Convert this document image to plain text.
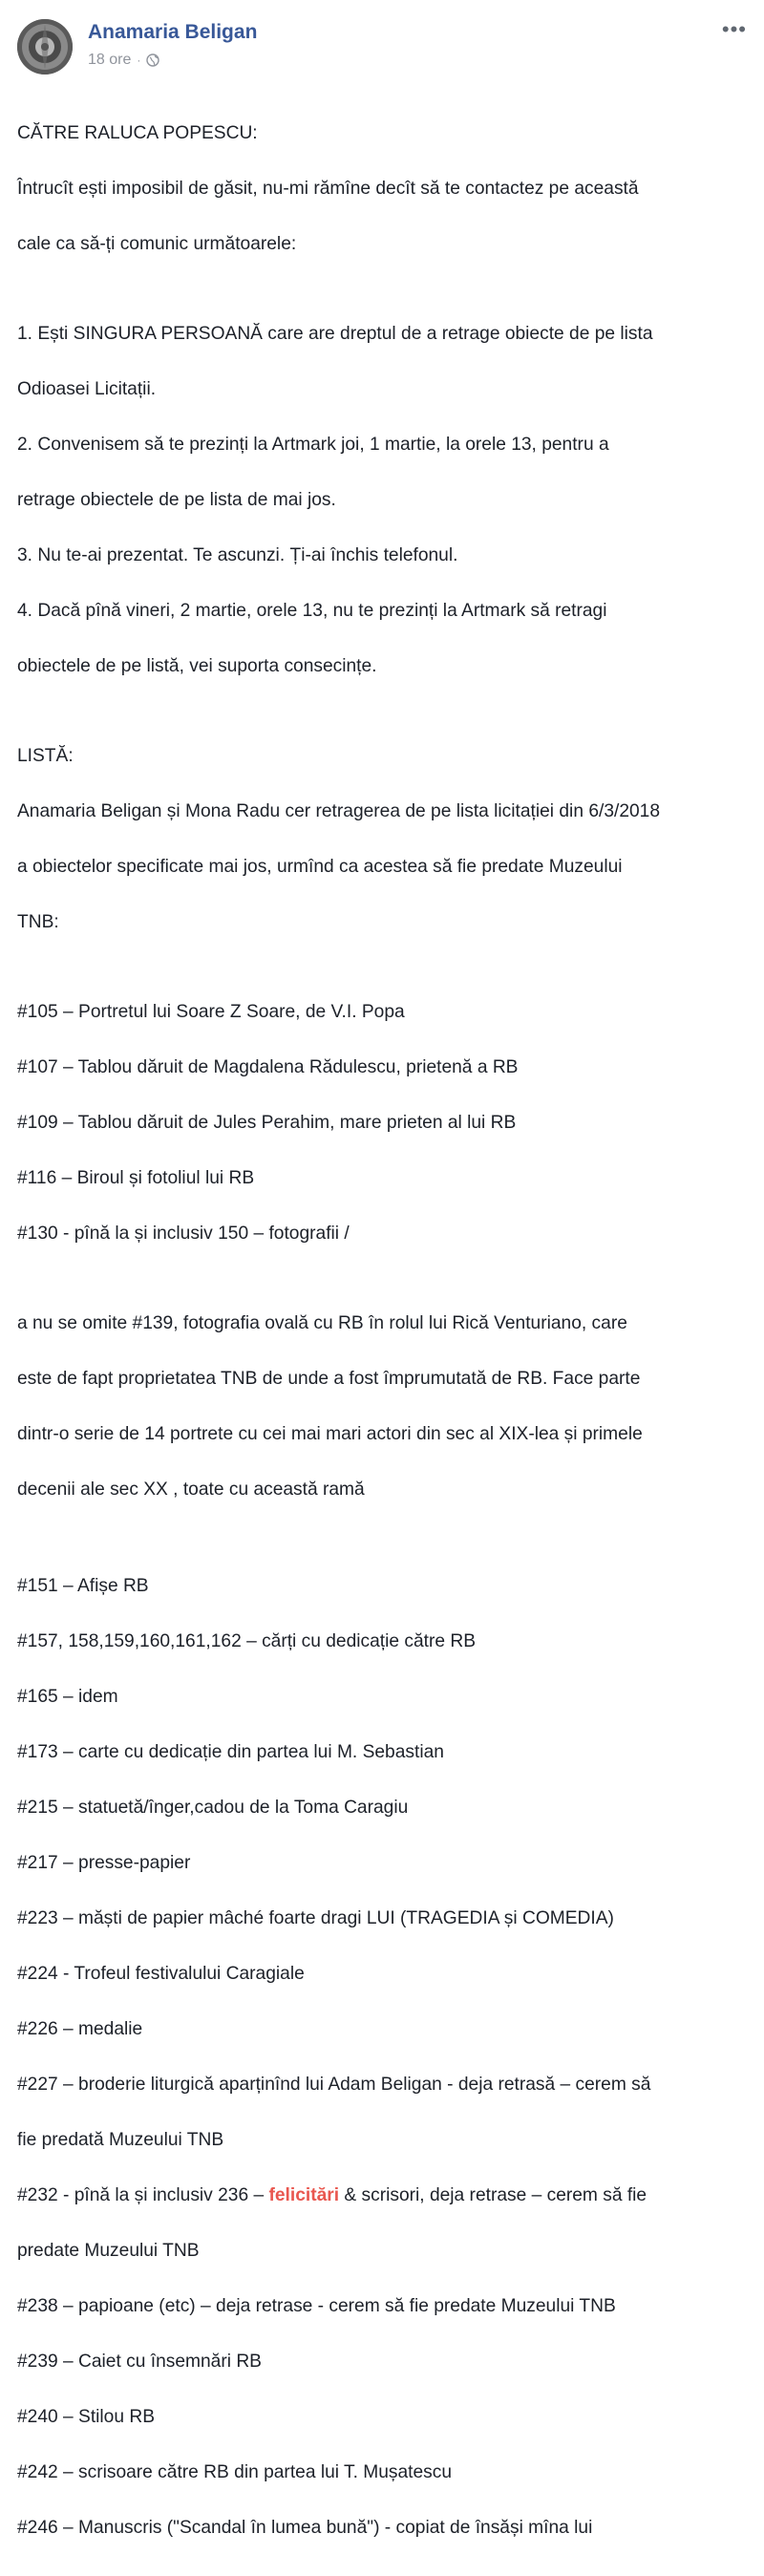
Anamaria Beligan
18 ore ·
•••

CĂTRE RALUCA POPESCU:

Întrucît ești imposibil de găsit, nu-mi rămîne decît să te contactez pe această

cale ca să-ți comunic următoarele:

1. Ești SINGURA PERSOANĂ care are dreptul de a retrage obiecte de pe lista

Odioasei Licitații.

2. Convenisem să te prezinți la Artmark joi, 1 martie, la orele 13, pentru a

retrage obiectele de pe lista de mai jos.

3. Nu te-ai prezentat. Te ascunzi. Ți-ai închis telefonul.

4. Dacă pînă vineri, 2 martie, orele 13, nu te prezinți la Artmark să retragi

obiectele de pe listă, vei suporta consecințe.

LISTĂ:

Anamaria Beligan și Mona Radu cer retragerea de pe lista licitației din 6/3/2018

a obiectelor specificate mai jos, urmînd ca acestea să fie predate Muzeului

TNB:

#105 – Portretul lui Soare Z Soare, de V.I. Popa

#107 – Tablou dăruit de Magdalena Rădulescu, prietenă a RB

#109 – Tablou dăruit de Jules Perahim, mare prieten al lui RB

#116 – Biroul și fotoliul lui RB

#130 - pînă la și inclusiv 150 – fotografii /

a nu se omite #139, fotografia ovală cu RB în rolul lui Rică Venturiano, care

este de fapt proprietatea TNB de unde a fost împrumutată de RB. Face parte

dintr-o serie de 14 portrete cu cei mai mari actori din sec al XIX-lea și primele

decenii ale sec XX , toate cu această ramă

#151 – Afișe RB

#157, 158,159,160,161,162 – cărți cu dedicație către RB

#165 – idem

#173 – carte cu dedicație din partea lui M. Sebastian

#215 – statuetă/înger,cadou de la Toma Caragiu

#217 – presse-papier

#223 – măști de papier mâché foarte dragi LUI (TRAGEDIA și COMEDIA)

#224 - Trofeul festivalului Caragiale

#226 – medalie

#227 – broderie liturgică aparținînd lui Adam Beligan - deja retrasă – cerem să

fie predată Muzeului TNB

#232 - pînă la și inclusiv 236 – felicitări & scrisori, deja retrase – cerem să fie

predate Muzeului TNB

#238 – papioane (etc) – deja retrase - cerem să fie predate Muzeului TNB

#239 – Caiet cu însemnări RB

#240 – Stilou RB

#242 – scrisoare către RB din partea lui T. Mușatescu

#246 – Manuscris ("Scandal în lumea bună") - copiat de însăși mîna lui
